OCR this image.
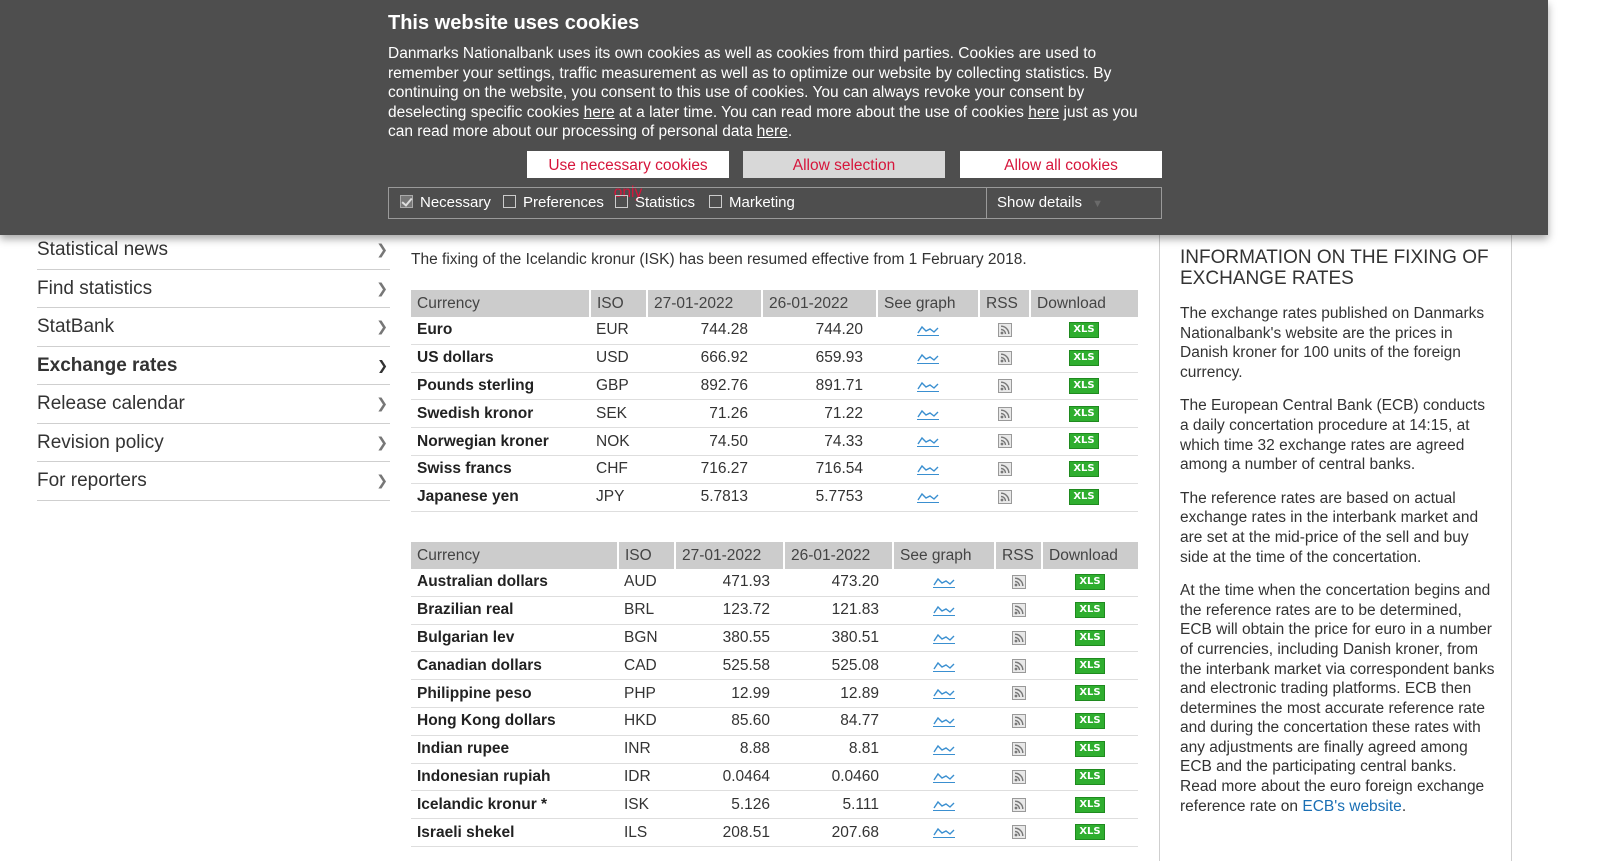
This website uses cookies

Danmarks Nationalbank uses its own cookies as well as cookies from third parties. Cookies are used to remember your settings, traffic measurement as well as to optimize our website by collecting statistics. By continuing on the website, you consent to this use of cookies. You can always revoke your consent by deselecting specific cookies here at a later time. You can read more about the use of cookies here just as you can read more about our processing of personal data here.

Use necessary cookies only
Allow selection	Allow all cookies
Necessary	Preferences	Statistics	Marketing	Show details ▼
Statistical news	❯
Find statistics	❯
StatBank	❯
Exchange rates	❯
Release calendar	❯
Revision policy	❯
For reporters	❯

The fixing of the Icelandic kronur (ISK) has been resumed effective from 1 February 2018.

Currency	ISO	27-01-2022	26-01-2022	See graph	RSS	Download
Euro	EUR	744.28	744.20			XLS
US dollars	USD	666.92	659.93			XLS
Pounds sterling	GBP	892.76	891.71			XLS
Swedish kronor	SEK	71.26	71.22			XLS
Norwegian kroner	NOK	74.50	74.33			XLS
Swiss francs	CHF	716.27	716.54			XLS
Japanese yen	JPY	5.7813	5.7753			XLS
Currency	ISO	27-01-2022	26-01-2022	See graph	RSS	Download
Australian dollars	AUD	471.93	473.20			XLS
Brazilian real	BRL	123.72	121.83			XLS
Bulgarian lev	BGN	380.55	380.51			XLS
Canadian dollars	CAD	525.58	525.08			XLS
Philippine peso	PHP	12.99	12.89			XLS
Hong Kong dollars	HKD	85.60	84.77			XLS
Indian rupee	INR	8.88	8.81			XLS
Indonesian rupiah	IDR	0.0464	0.0460			XLS
Icelandic kronur *	ISK	5.126	5.111			XLS
Israeli shekel	ILS	208.51	207.68			XLS
INFORMATION ON THE FIXING OF EXCHANGE RATES

The exchange rates published on Danmarks Nationalbank's website are the prices in Danish kroner for 100 units of the foreign currency.

The European Central Bank (ECB) conducts a daily concertation procedure at 14:15, at which time 32 exchange rates are agreed among a number of central banks.

The reference rates are based on actual exchange rates in the interbank market and are set at the mid-price of the sell and buy side at the time of the concertation.

At the time when the concertation begins and the reference rates are to be determined, ECB will obtain the price for euro in a number of currencies, including Danish kroner, from the interbank market via correspondent banks and electronic trading platforms. ECB then determines the most accurate reference rate and during the concertation these rates with any adjustments are finally agreed among ECB and the participating central banks. Read more about the euro foreign exchange reference rate on ECB's website.
